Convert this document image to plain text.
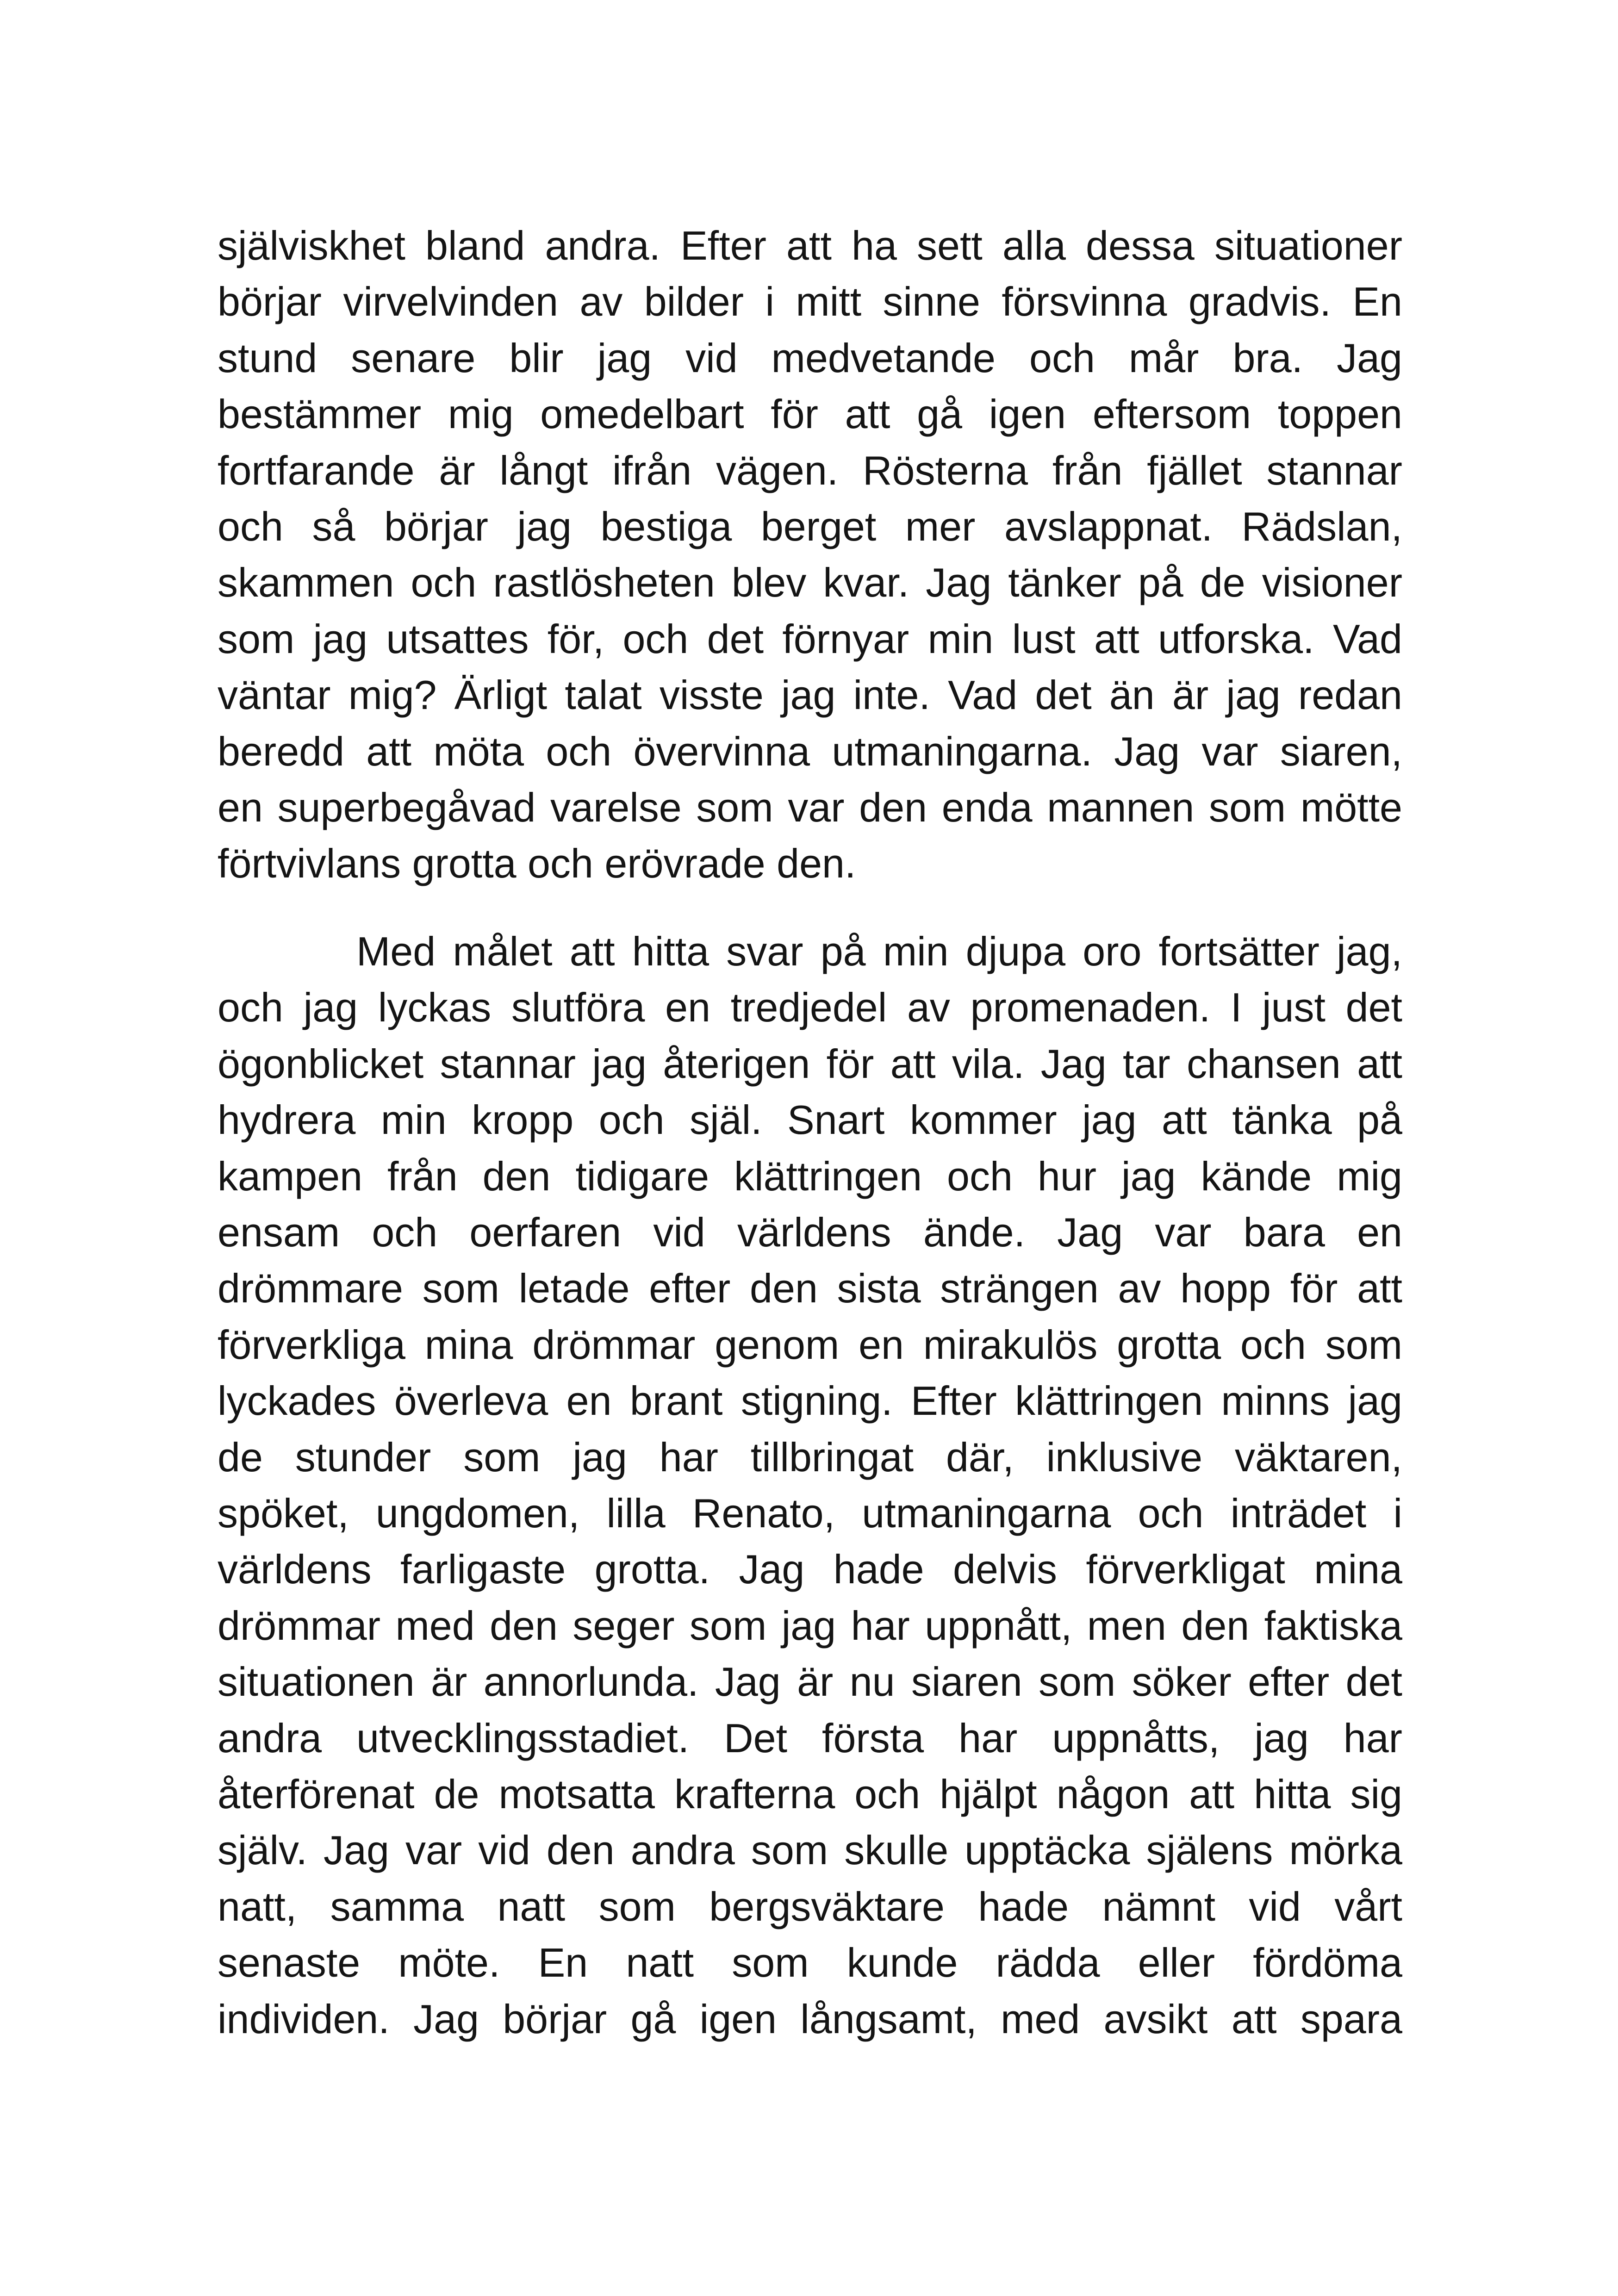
själviskhet bland andra. Efter att ha sett alla dessa situationer
börjar virvelvinden av bilder i mitt sinne försvinna gradvis. En
stund senare blir jag vid medvetande och mår bra. Jag
bestämmer mig omedelbart för att gå igen eftersom toppen
fortfarande är långt ifrån vägen. Rösterna från fjället stannar
och så börjar jag bestiga berget mer avslappnat. Rädslan,
skammen och rastlösheten blev kvar. Jag tänker på de visioner
som jag utsattes för, och det förnyar min lust att utforska. Vad
väntar mig? Ärligt talat visste jag inte. Vad det än är jag redan
beredd att möta och övervinna utmaningarna. Jag var siaren,
en superbegåvad varelse som var den enda mannen som mötte
förtvivlans grotta och erövrade den.

Med målet att hitta svar på min djupa oro fortsätter jag,
och jag lyckas slutföra en tredjedel av promenaden. I just det
ögonblicket stannar jag återigen för att vila. Jag tar chansen att
hydrera min kropp och själ. Snart kommer jag att tänka på
kampen från den tidigare klättringen och hur jag kände mig
ensam och oerfaren vid världens ände. Jag var bara en
drömmare som letade efter den sista strängen av hopp för att
förverkliga mina drömmar genom en mirakulös grotta och som
lyckades överleva en brant stigning. Efter klättringen minns jag
de stunder som jag har tillbringat där, inklusive väktaren,
spöket, ungdomen, lilla Renato, utmaningarna och inträdet i
världens farligaste grotta. Jag hade delvis förverkligat mina
drömmar med den seger som jag har uppnått, men den faktiska
situationen är annorlunda. Jag är nu siaren som söker efter det
andra utvecklingsstadiet. Det första har uppnåtts, jag har
återförenat de motsatta krafterna och hjälpt någon att hitta sig
själv. Jag var vid den andra som skulle upptäcka själens mörka
natt, samma natt som bergsväktare hade nämnt vid vårt
senaste möte. En natt som kunde rädda eller fördöma
individen. Jag börjar gå igen långsamt, med avsikt att spara
